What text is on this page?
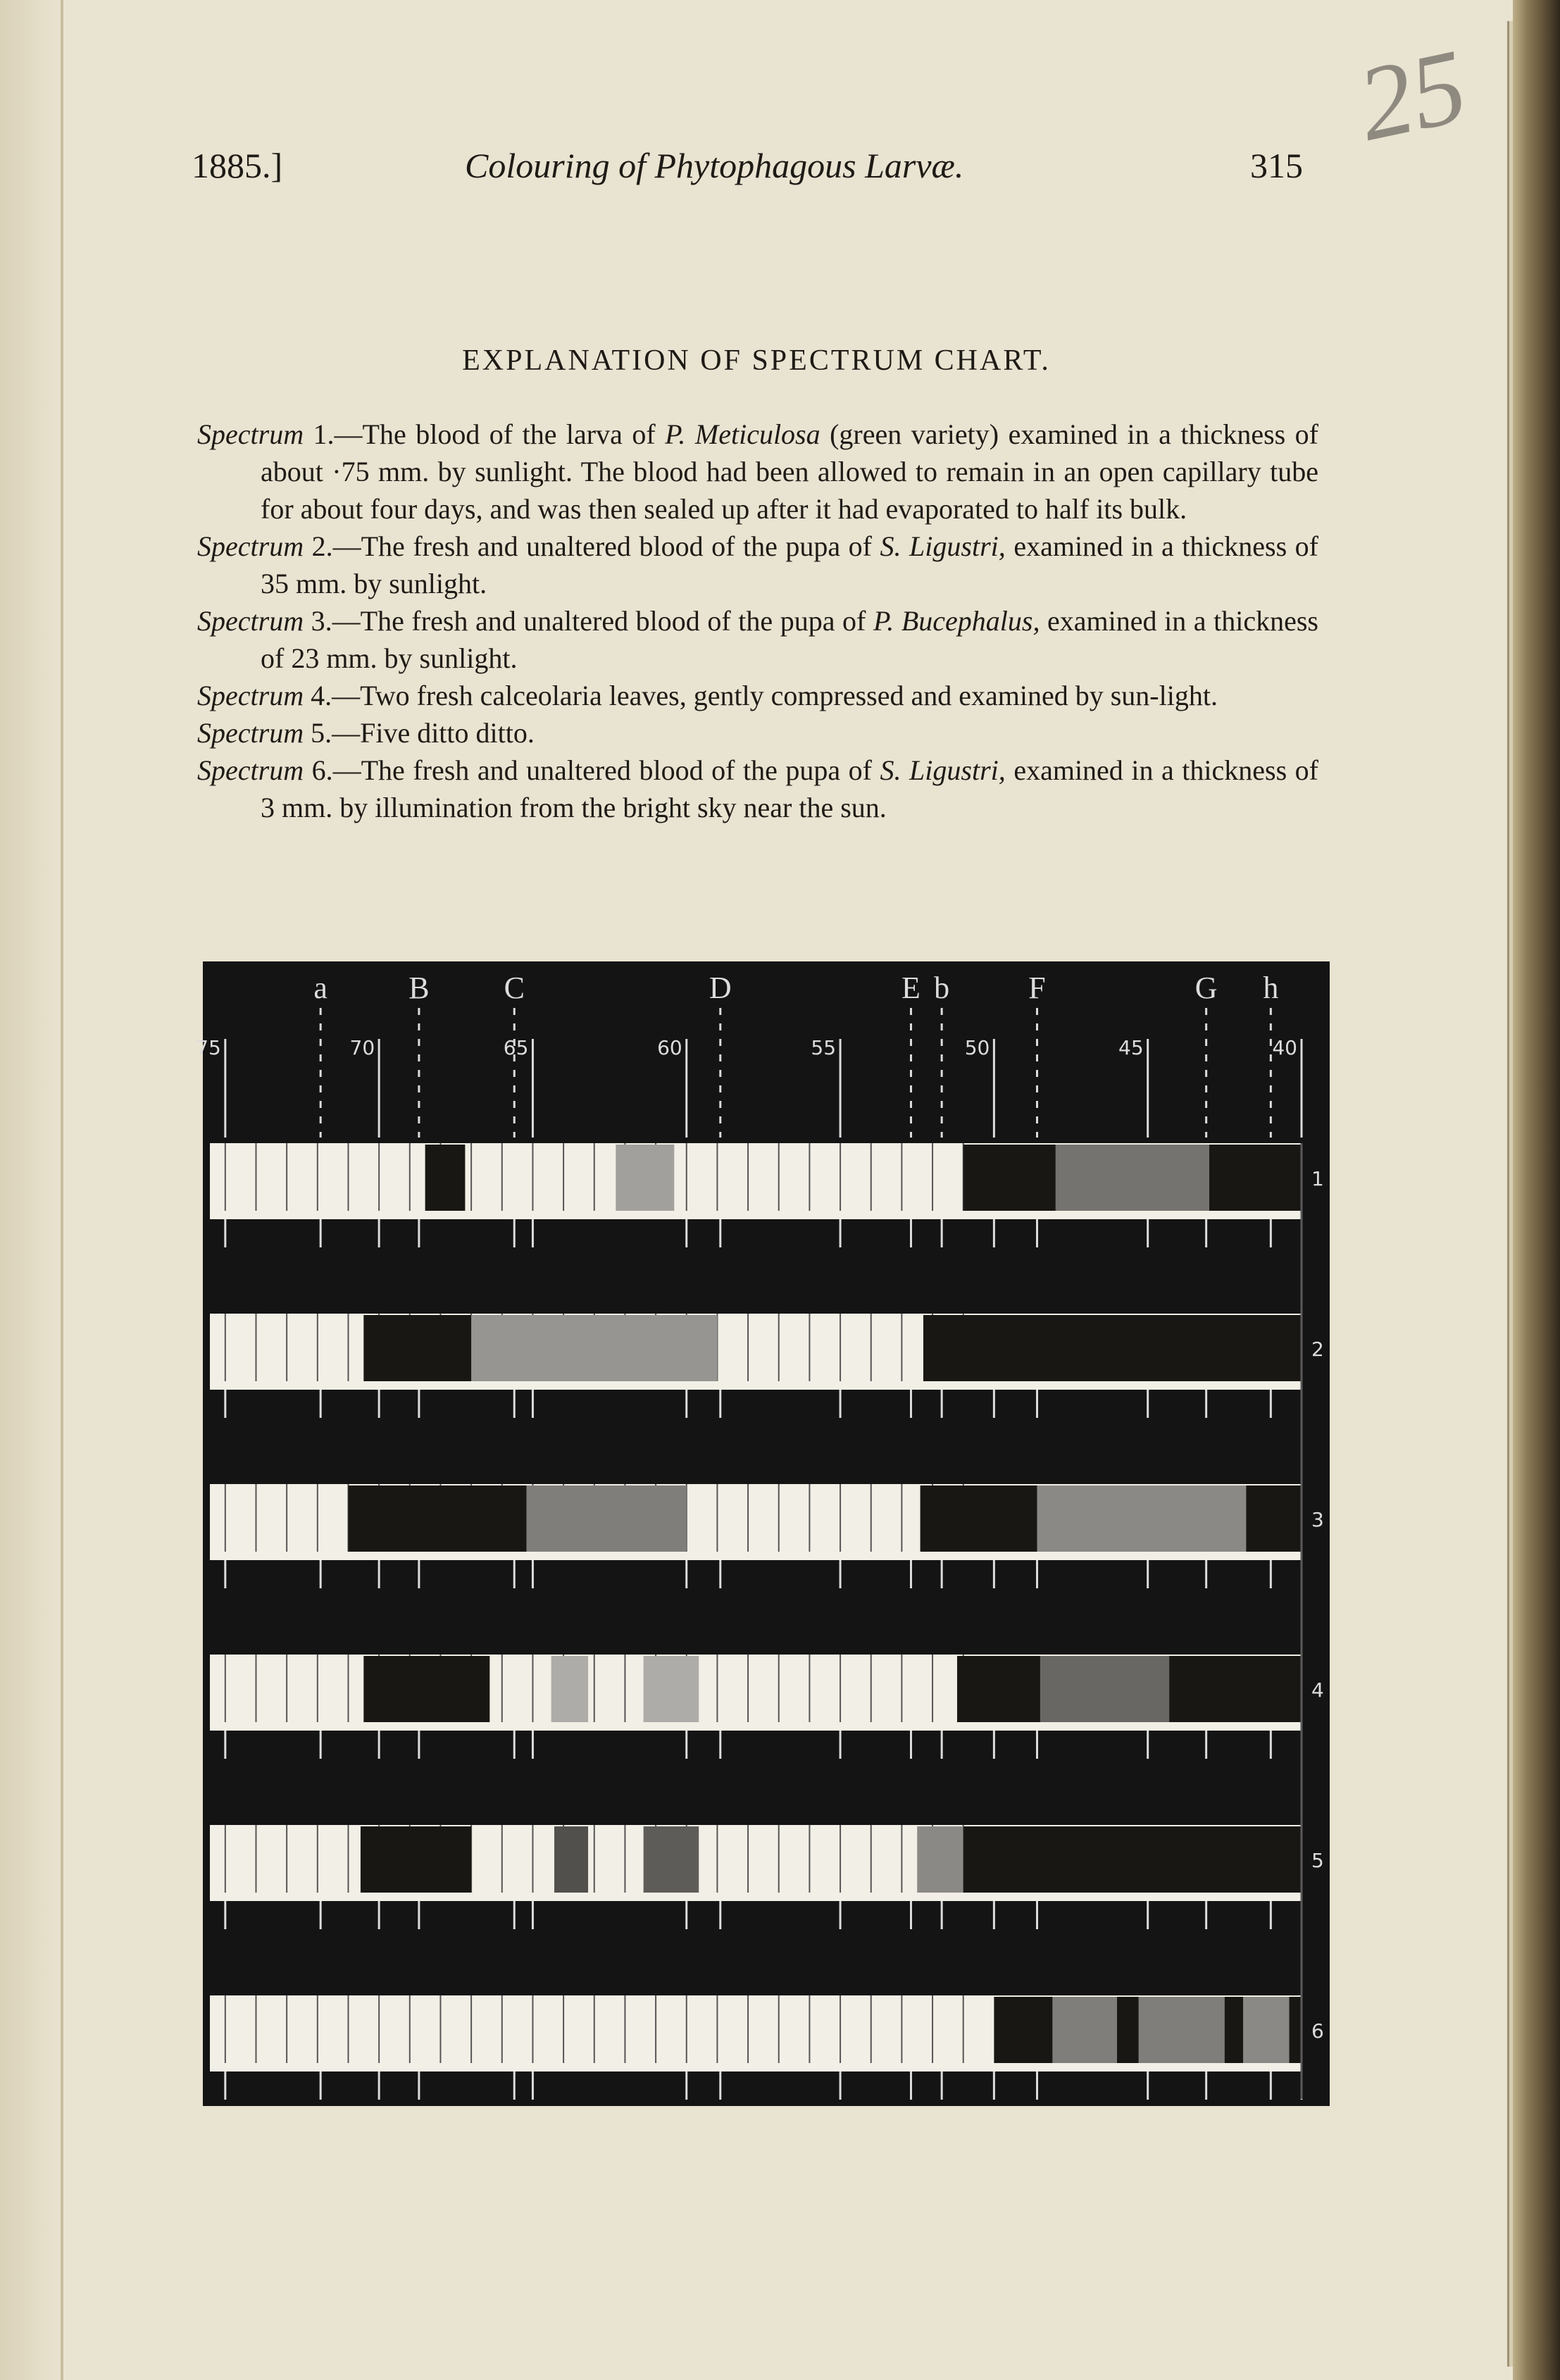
1885.]	Colouring of Phytophagous Larvæ.	315
25
EXPLANATION OF SPECTRUM CHART.

Spectrum 1.—The blood of the larva of P. Meticulosa (green variety) examined in a thickness of about ·75 mm. by sunlight. The blood had been allowed to remain in an open capillary tube for about four days, and was then sealed up after it had evaporated to half its bulk.

Spectrum 2.—The fresh and unaltered blood of the pupa of S. Ligustri, examined in a thickness of 35 mm. by sunlight.

Spectrum 3.—The fresh and unaltered blood of the pupa of P. Bucephalus, examined in a thickness of 23 mm. by sunlight.

Spectrum 4.—Two fresh calceolaria leaves, gently compressed and examined by sun-light.

Spectrum 5.—Five ditto ditto.

Spectrum 6.—The fresh and unaltered blood of the pupa of S. Ligustri, examined in a thickness of 3 mm. by illumination from the bright sky near the sun.

a	B C	D	E b	F	G h
75	70	65	60	55	50	45	40
1
2
3
4
5
6
